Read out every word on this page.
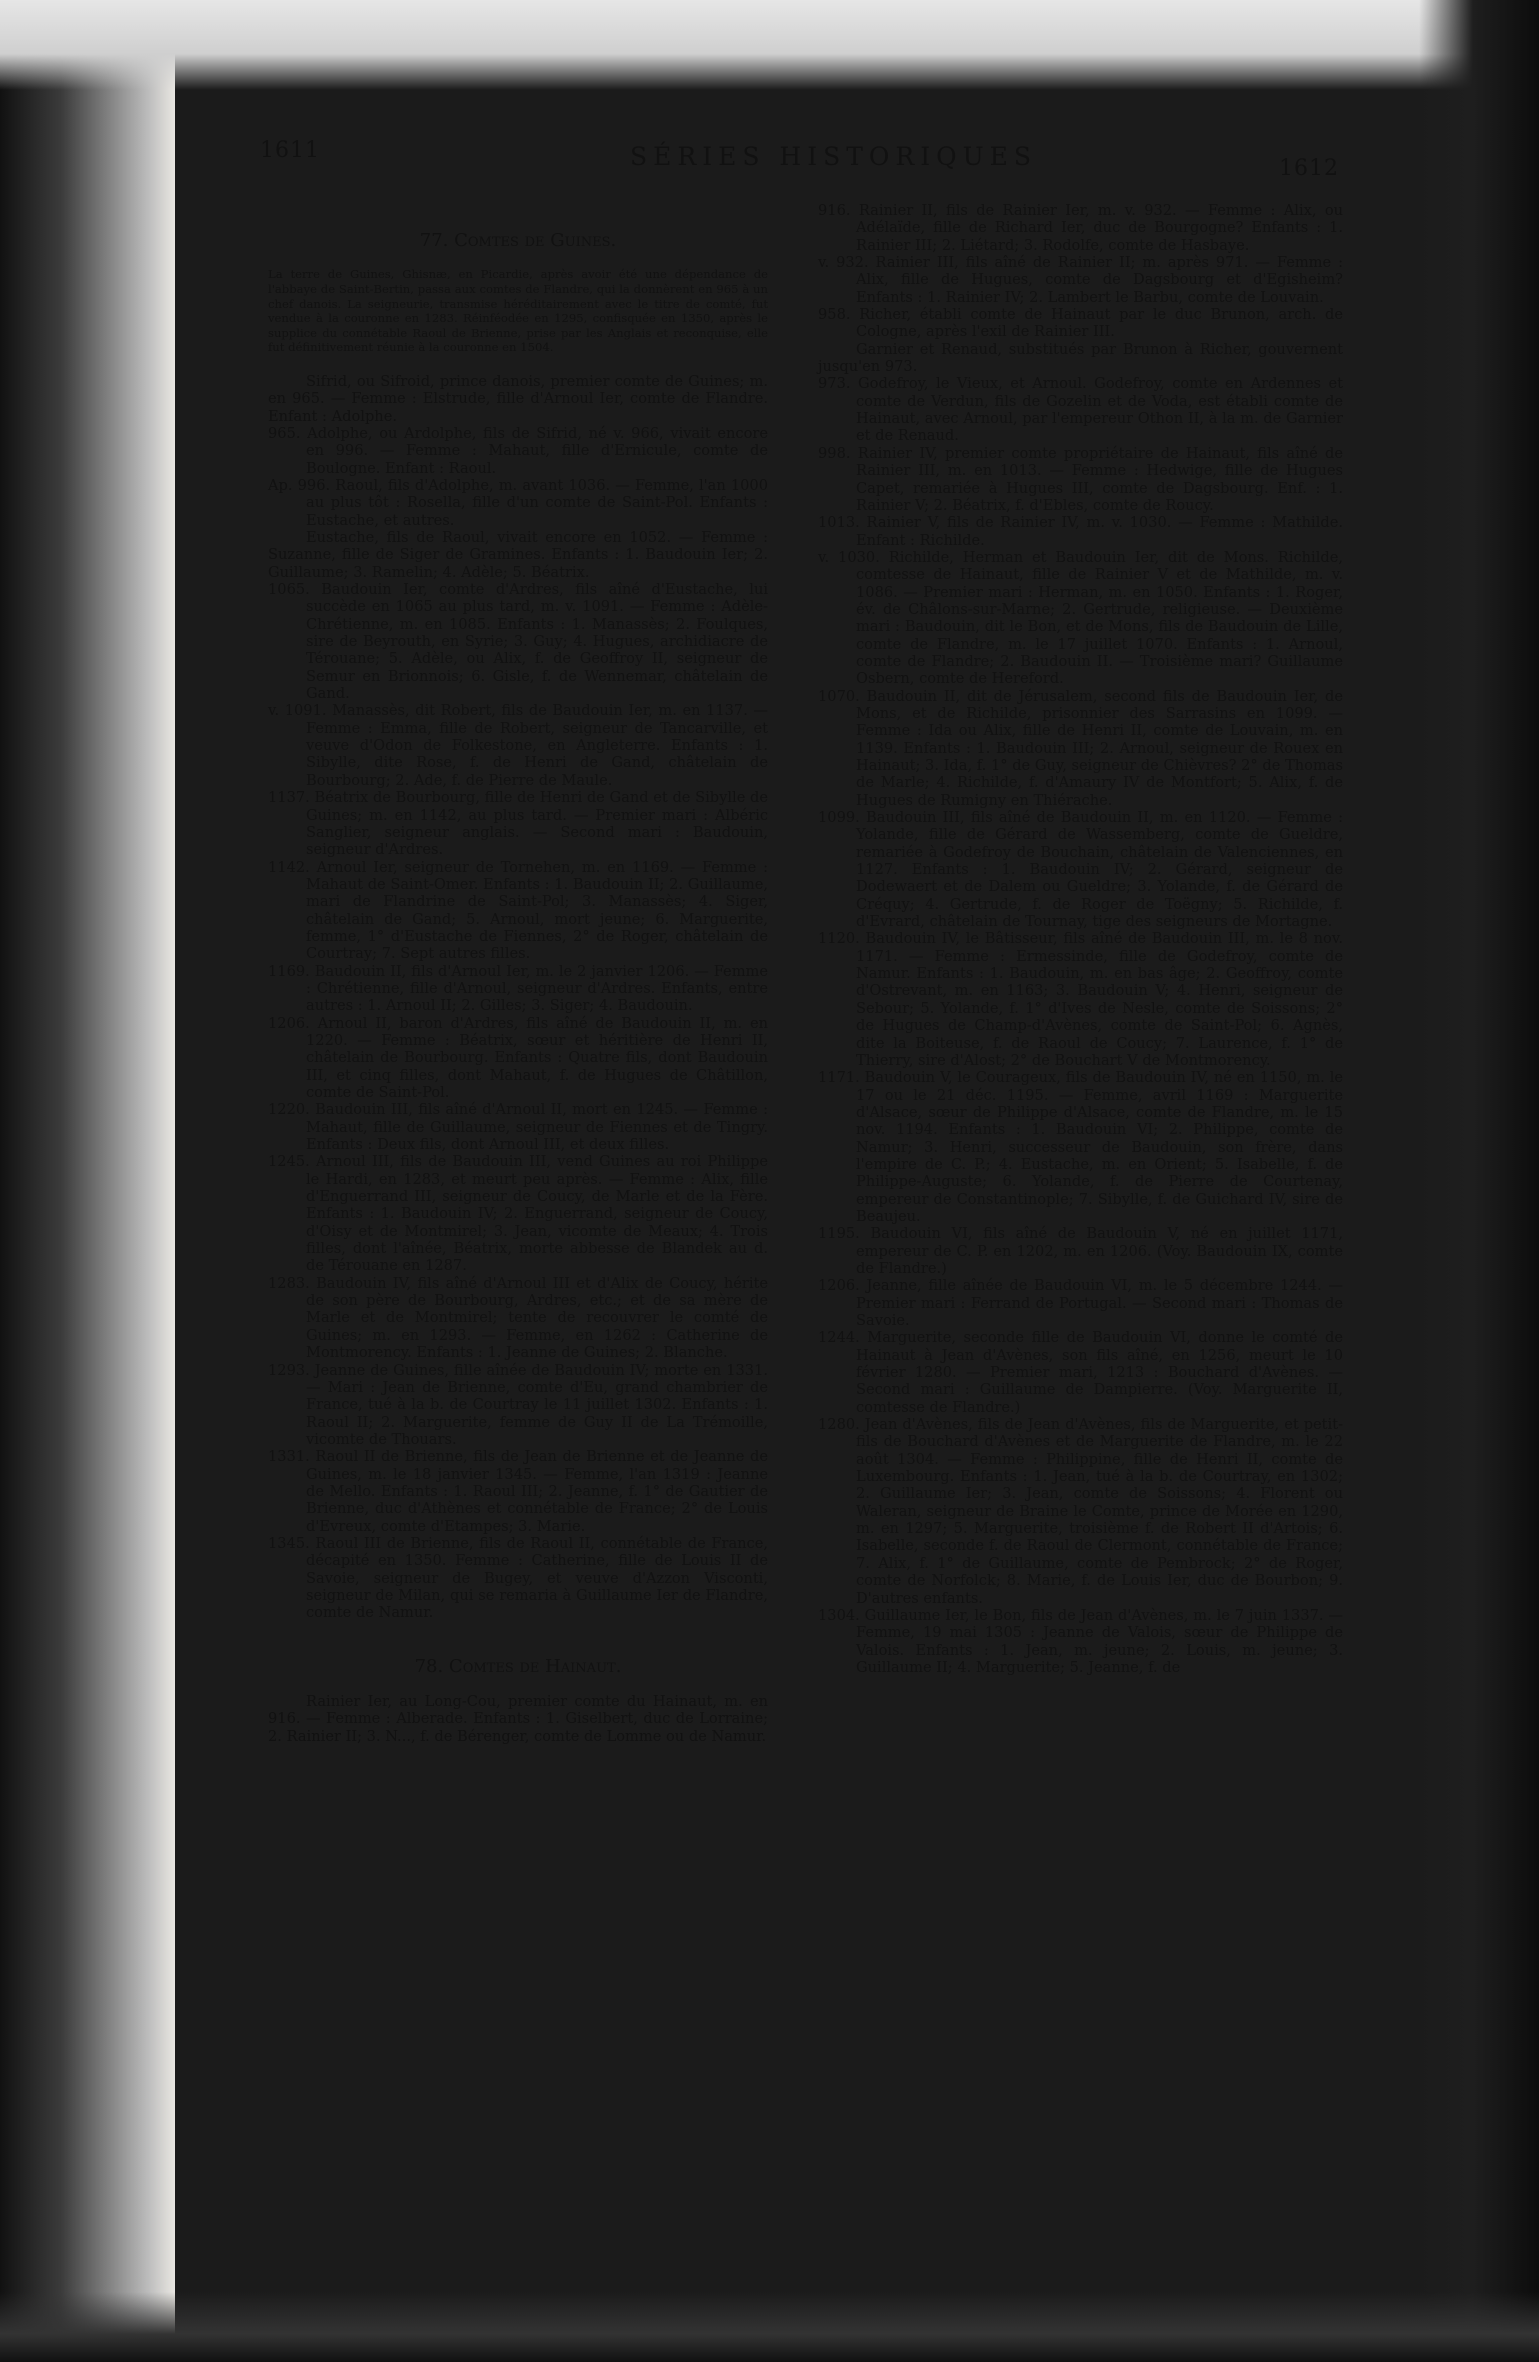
1611	SÉRIES HISTORIQUES	1612
77. Comtes de Guines.

La terre de Guines, Ghisnæ, en Picardie, après avoir été une dépendance de l'abbaye de Saint-Bertin, passa aux comtes de Flandre, qui la donnèrent en 965 à un chef danois. La seigneurie, transmise héréditairement avec le titre de comté, fut vendue à la couronne en 1283. Réinféodée en 1295, confisquée en 1350, après le supplice du connétable Raoul de Brienne, prise par les Anglais et reconquise, elle fut définitivement réunie à la couronne en 1504.

Sifrid, ou Sifroid, prince danois, premier comte de Guines; m. en 965. — Femme : Elstrude, fille d'Arnoul Ier, comte de Flandre. Enfant : Adolphe.

965. Adolphe, ou Ardolphe, fils de Sifrid, né v. 966, vivait encore en 996. — Femme : Mahaut, fille d'Ernicule, comte de Boulogne. Enfant : Raoul.

Ap. 996. Raoul, fils d'Adolphe, m. avant 1036. — Femme, l'an 1000 au plus tôt : Rosella, fille d'un comte de Saint-Pol. Enfants : Eustache, et autres.

Eustache, fils de Raoul, vivait encore en 1052. — Femme : Suzanne, fille de Siger de Gramines. Enfants : 1. Baudouin Ier; 2. Guillaume; 3. Ramelin; 4. Adèle; 5. Béatrix.

1065. Baudouin Ier, comte d'Ardres, fils aîné d'Eustache, lui succède en 1065 au plus tard, m. v. 1091. — Femme : Adèle-Chrétienne, m. en 1085. Enfants : 1. Manassès; 2. Foulques, sire de Beyrouth, en Syrie; 3. Guy; 4. Hugues, archidiacre de Térouane; 5. Adèle, ou Alix, f. de Geoffroy II, seigneur de Semur en Brionnois; 6. Gisle, f. de Wennemar, châtelain de Gand.

v. 1091. Manassès, dit Robert, fils de Baudouin Ier, m. en 1137. — Femme : Emma, fille de Robert, seigneur de Tancarville, et veuve d'Odon de Folkestone, en Angleterre. Enfants : 1. Sibylle, dite Rose, f. de Henri de Gand, châtelain de Bourbourg; 2. Ade, f. de Pierre de Maule.

1137. Béatrix de Bourbourg, fille de Henri de Gand et de Sibylle de Guines; m. en 1142, au plus tard. — Premier mari : Albéric Sanglier, seigneur anglais. — Second mari : Baudouin, seigneur d'Ardres.

1142. Arnoul Ier, seigneur de Tornehen, m. en 1169. — Femme : Mahaut de Saint-Omer. Enfants : 1. Baudouin II; 2. Guillaume, mari de Flandrine de Saint-Pol; 3. Manassès; 4. Siger, châtelain de Gand; 5. Arnoul, mort jeune; 6. Marguerite, femme, 1° d'Eustache de Fiennes, 2° de Roger, châtelain de Courtray; 7. Sept autres filles.

1169. Baudouin II, fils d'Arnoul Ier, m. le 2 janvier 1206. — Femme : Chrétienne, fille d'Arnoul, seigneur d'Ardres. Enfants, entre autres : 1. Arnoul II; 2. Gilles; 3. Siger; 4. Baudouin.

1206. Arnoul II, baron d'Ardres, fils aîné de Baudouin II, m. en 1220. — Femme : Béatrix, sœur et héritière de Henri II, châtelain de Bourbourg. Enfants : Quatre fils, dont Baudouin III, et cinq filles, dont Mahaut, f. de Hugues de Châtillon, comte de Saint-Pol.

1220. Baudouin III, fils aîné d'Arnoul II, mort en 1245. — Femme : Mahaut, fille de Guillaume, seigneur de Fiennes et de Tingry. Enfants : Deux fils, dont Arnoul III, et deux filles.

1245. Arnoul III, fils de Baudouin III, vend Guines au roi Philippe le Hardi, en 1283, et meurt peu après. — Femme : Alix, fille d'Enguerrand III, seigneur de Coucy, de Marle et de la Fère. Enfants : 1. Baudouin IV; 2. Enguerrand, seigneur de Coucy, d'Oisy et de Montmirel; 3. Jean, vicomte de Meaux; 4. Trois filles, dont l'aînée, Béatrix, morte abbesse de Blandek au d. de Térouane en 1287.

1283. Baudouin IV, fils aîné d'Arnoul III et d'Alix de Coucy, hérite de son père de Bourbourg, Ardres, etc.; et de sa mère de Marle et de Montmirel; tente de recouvrer le comté de Guines; m. en 1293. — Femme, en 1262 : Catherine de Montmorency. Enfants : 1. Jeanne de Guines; 2. Blanche.

1293. Jeanne de Guines, fille aînée de Baudouin IV; morte en 1331. — Mari : Jean de Brienne, comte d'Eu, grand chambrier de France, tué à la b. de Courtray le 11 juillet 1302. Enfants : 1. Raoul II; 2. Marguerite, femme de Guy II de La Trémoille, vicomte de Thouars.

1331. Raoul II de Brienne, fils de Jean de Brienne et de Jeanne de Guines, m. le 18 janvier 1345. — Femme, l'an 1319 : Jeanne de Mello. Enfants : 1. Raoul III; 2. Jeanne, f. 1° de Gautier de Brienne, duc d'Athènes et connétable de France; 2° de Louis d'Evreux, comte d'Etampes; 3. Marie.

1345. Raoul III de Brienne, fils de Raoul II, connétable de France, décapité en 1350. Femme : Catherine, fille de Louis II de Savoie, seigneur de Bugey, et veuve d'Azzon Visconti, seigneur de Milan, qui se remaria à Guillaume Ier de Flandre, comte de Namur.

78. Comtes de Hainaut.

Rainier Ier, au Long-Cou, premier comte du Hainaut, m. en 916. — Femme : Alberade. Enfants : 1. Giselbert, duc de Lorraine; 2. Rainier II; 3. N..., f. de Bérenger, comte de Lomme ou de Namur.

916. Rainier II, fils de Rainier Ier, m. v. 932. — Femme : Alix, ou Adélaïde, fille de Richard Ier, duc de Bourgogne? Enfants : 1. Rainier III; 2. Liétard; 3. Rodolfe, comte de Hasbaye.

v. 932. Rainier III, fils aîné de Rainier II; m. après 971. — Femme : Alix, fille de Hugues, comte de Dagsbourg et d'Egisheim? Enfants : 1. Rainier IV; 2. Lambert le Barbu, comte de Louvain.

958. Richer, établi comte de Hainaut par le duc Brunon, arch. de Cologne, après l'exil de Rainier III.

Garnier et Renaud, substitués par Brunon à Richer, gouvernent jusqu'en 973.

973. Godefroy, le Vieux, et Arnoul. Godefroy, comte en Ardennes et comte de Verdun, fils de Gozelin et de Voda, est établi comte de Hainaut, avec Arnoul, par l'empereur Othon II, à la m. de Garnier et de Renaud.

998. Rainier IV, premier comte propriétaire de Hainaut, fils aîné de Rainier III, m. en 1013. — Femme : Hedwige, fille de Hugues Capet, remariée à Hugues III, comte de Dagsbourg. Enf. : 1. Rainier V; 2. Béatrix, f. d'Ebles, comte de Roucy.

1013. Rainier V, fils de Rainier IV, m. v. 1030. — Femme : Mathilde. Enfant : Richilde.

v. 1030. Richilde, Herman et Baudouin Ier, dit de Mons. Richilde, comtesse de Hainaut, fille de Rainier V et de Mathilde, m. v. 1086. — Premier mari : Herman, m. en 1050. Enfants : 1. Roger, év. de Châlons-sur-Marne; 2. Gertrude, religieuse. — Deuxième mari : Baudouin, dit le Bon, et de Mons, fils de Baudouin de Lille, comte de Flandre, m. le 17 juillet 1070. Enfants : 1. Arnoul, comte de Flandre; 2. Baudouin II. — Troisième mari? Guillaume Osbern, comte de Hereford.

1070. Baudouin II, dit de Jérusalem, second fils de Baudouin Ier, de Mons, et de Richilde, prisonnier des Sarrasins en 1099. — Femme : Ida ou Alix, fille de Henri II, comte de Louvain, m. en 1139. Enfants : 1. Baudouin III; 2. Arnoul, seigneur de Rouex en Hainaut; 3. Ida, f. 1° de Guy, seigneur de Chièvres? 2° de Thomas de Marle; 4. Richilde, f. d'Amaury IV de Montfort; 5. Alix, f. de Hugues de Rumigny en Thiérache.

1099. Baudouin III, fils aîné de Baudouin II, m. en 1120. — Femme : Yolande, fille de Gérard de Wassemberg, comte de Gueldre, remariée à Godefroy de Bouchain, châtelain de Valenciennes, en 1127. Enfants : 1. Baudouin IV; 2. Gérard, seigneur de Dodewaert et de Dalem ou Gueldre; 3. Yolande, f. de Gérard de Créquy; 4. Gertrude, f. de Roger de Toëgny; 5. Richilde, f. d'Evrard, châtelain de Tournay, tige des seigneurs de Mortagne.

1120. Baudouin IV, le Bâtisseur, fils aîné de Baudouin III, m. le 8 nov. 1171. — Femme : Ermessinde, fille de Godefroy, comte de Namur. Enfants : 1. Baudouin, m. en bas âge; 2. Geoffroy, comte d'Ostrevant, m. en 1163; 3. Baudouin V; 4. Henri, seigneur de Sebour; 5. Yolande, f. 1° d'Ives de Nesle, comte de Soissons; 2° de Hugues de Champ-d'Avènes, comte de Saint-Pol; 6. Agnès, dite la Boiteuse, f. de Raoul de Coucy; 7. Laurence, f. 1° de Thierry, sire d'Alost; 2° de Bouchart V de Montmorency.

1171. Baudouin V, le Courageux, fils de Baudouin IV, né en 1150, m. le 17 ou le 21 déc. 1195. — Femme, avril 1169 : Marguerite d'Alsace, sœur de Philippe d'Alsace, comte de Flandre, m. le 15 nov. 1194. Enfants : 1. Baudouin VI; 2. Philippe, comte de Namur; 3. Henri, successeur de Baudouin, son frère, dans l'empire de C. P.; 4. Eustache, m. en Orient; 5. Isabelle, f. de Philippe-Auguste; 6. Yolande, f. de Pierre de Courtenay, empereur de Constantinople; 7. Sibylle, f. de Guichard IV, sire de Beaujeu.

1195. Baudouin VI, fils aîné de Baudouin V, né en juillet 1171, empereur de C. P. en 1202, m. en 1206. (Voy. Baudouin IX, comte de Flandre.)

1206. Jeanne, fille aînée de Baudouin VI, m. le 5 décembre 1244. — Premier mari : Ferrand de Portugal. — Second mari : Thomas de Savoie.

1244. Marguerite, seconde fille de Baudouin VI, donne le comté de Hainaut à Jean d'Avènes, son fils aîné, en 1256, meurt le 10 février 1280. — Premier mari, 1213 : Bouchard d'Avènes. — Second mari : Guillaume de Dampierre. (Voy. Marguerite II, comtesse de Flandre.)

1280. Jean d'Avènes, fils de Jean d'Avènes, fils de Marguerite, et petit-fils de Bouchard d'Avènes et de Marguerite de Flandre, m. le 22 août 1304. — Femme : Philippine, fille de Henri II, comte de Luxembourg. Enfants : 1. Jean, tué à la b. de Courtray, en 1302; 2. Guillaume Ier; 3. Jean, comte de Soissons; 4. Florent ou Waleran, seigneur de Braine le Comte, prince de Morée en 1290, m. en 1297; 5. Marguerite, troisième f. de Robert II d'Artois; 6. Isabelle, seconde f. de Raoul de Clermont, connétable de France; 7. Alix, f. 1° de Guillaume, comte de Pembrock; 2° de Roger, comte de Norfolck; 8. Marie, f. de Louis Ier, duc de Bourbon; 9. D'autres enfants.

1304. Guillaume Ier, le Bon, fils de Jean d'Avènes, m. le 7 juin 1337. — Femme, 19 mai 1305 : Jeanne de Valois, sœur de Philippe de Valois. Enfants : 1. Jean, m. jeune; 2. Louis, m. jeune; 3. Guillaume II; 4. Marguerite; 5. Jeanne, f. de
